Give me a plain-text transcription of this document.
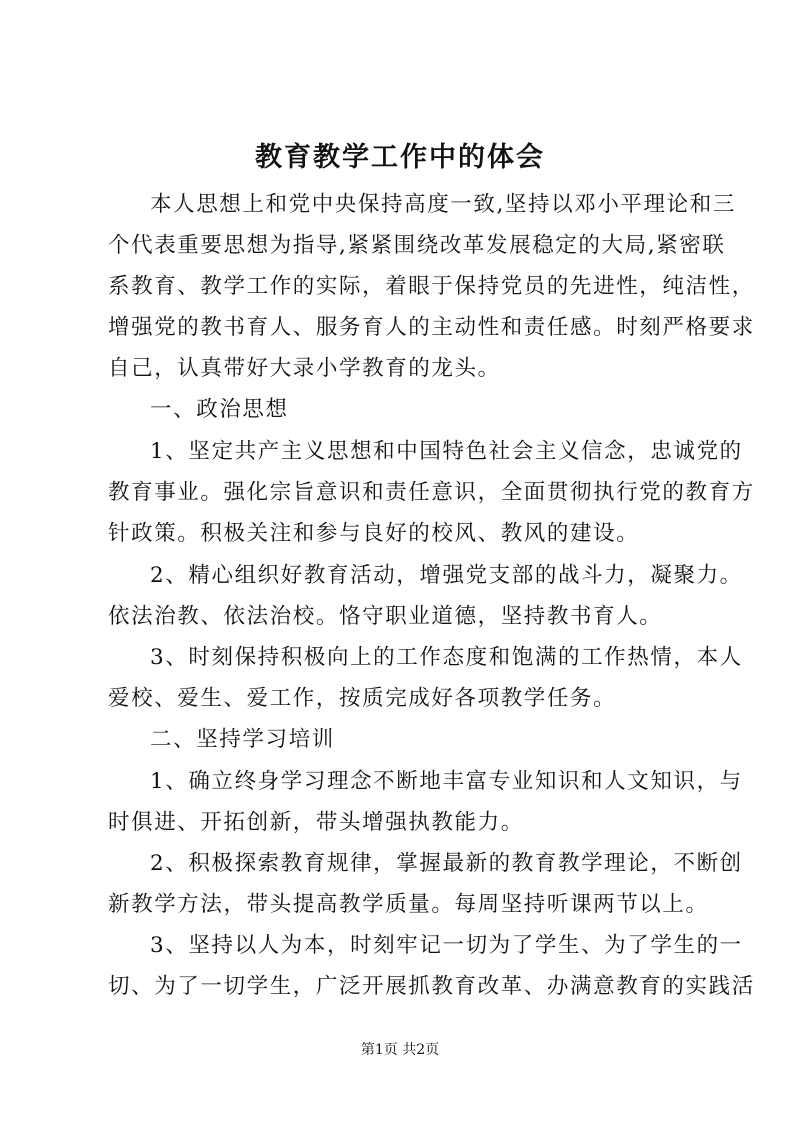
教育教学工作中的体会
本人思想上和党中央保持高度一致,坚持以邓小平理论和三
个代表重要思想为指导,紧紧围绕改革发展稳定的大局,紧密联
系教育、教学工作的实际，着眼于保持党员的先进性，纯洁性，
增强党的教书育人、服务育人的主动性和责任感。时刻严格要求
自己，认真带好大录小学教育的龙头。
一、政治思想
1、坚定共产主义思想和中国特色社会主义信念，忠诚党的
教育事业。强化宗旨意识和责任意识，全面贯彻执行党的教育方
针政策。积极关注和参与良好的校风、教风的建设。
2、精心组织好教育活动，增强党支部的战斗力，凝聚力。
依法治教、依法治校。恪守职业道德，坚持教书育人。
3、时刻保持积极向上的工作态度和饱满的工作热情，本人
爱校、爱生、爱工作，按质完成好各项教学任务。
二、坚持学习培训
1、确立终身学习理念不断地丰富专业知识和人文知识，与
时俱进、开拓创新，带头增强执教能力。
2、积极探索教育规律，掌握最新的教育教学理论，不断创
新教学方法，带头提高教学质量。每周坚持听课两节以上。
3、坚持以人为本，时刻牢记一切为了学生、为了学生的一
切、为了一切学生，广泛开展抓教育改革、办满意教育的实践活
第1页 共2页
